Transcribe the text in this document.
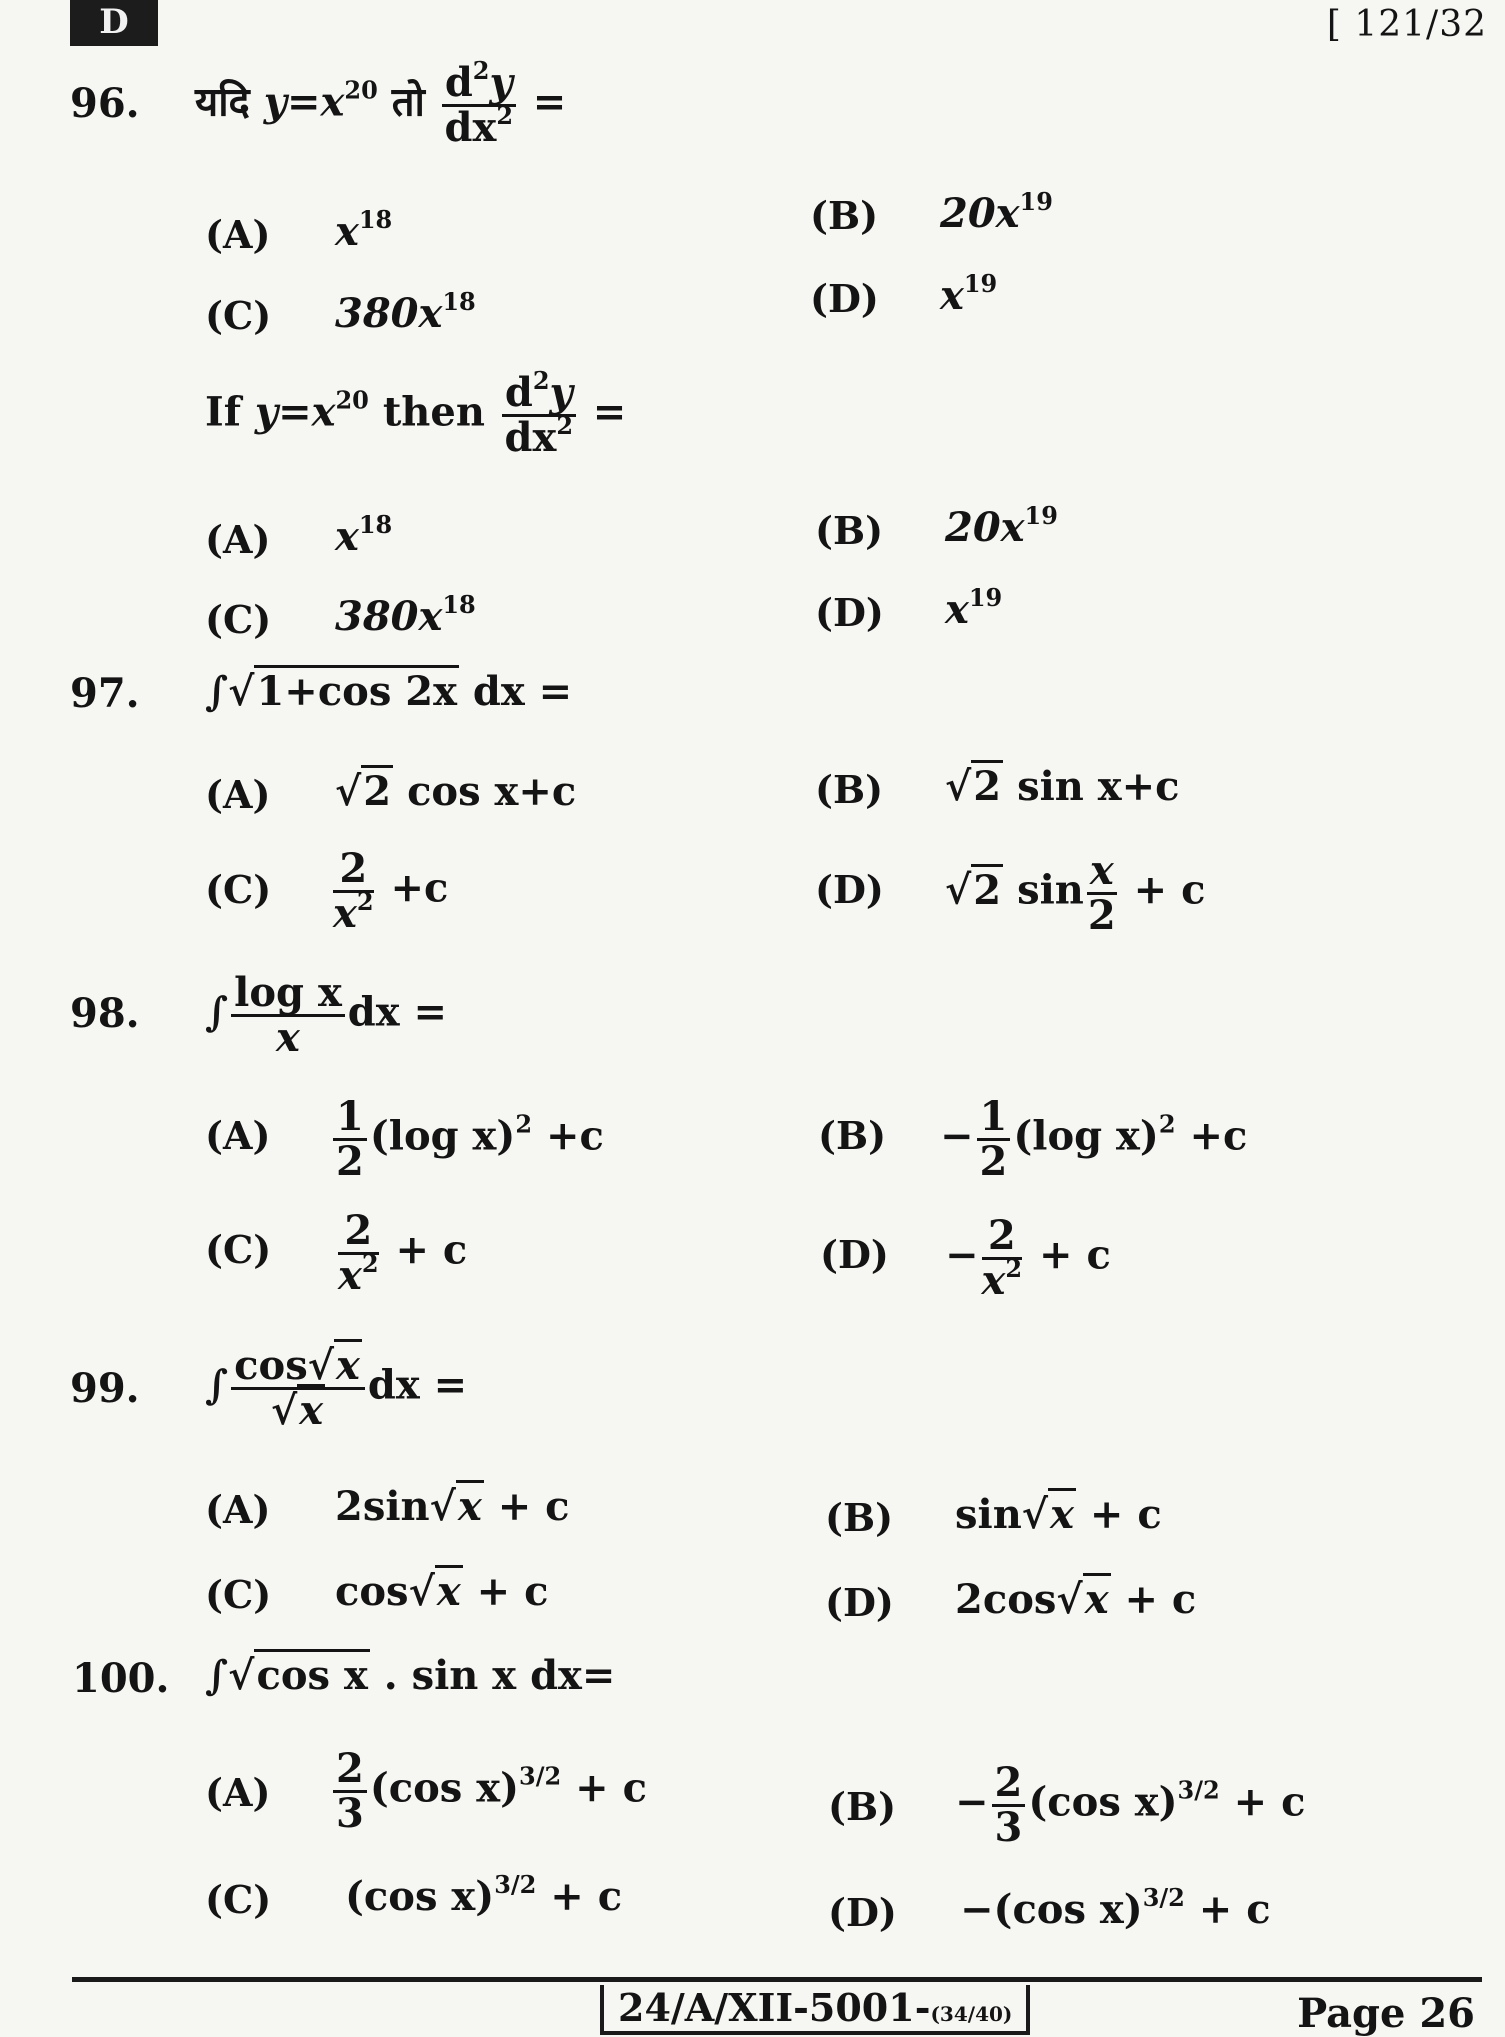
D	[ 121/32
96. यदि $y=x^{20}$ तो $\frac{d^2y}{dx^2}$ =
(A) $x^{18}$	(B) $20x^{19}$
(C) $380x^{18}$	(D) $x^{19}$
If $y=x^{20}$ then $\frac{d^2y}{dx^2}$ =
(A) $x^{18}$	(B) $20x^{19}$
(C) $380x^{18}$	(D) $x^{19}$
97. ∫√1+cos 2x dx =
(A) √2 cos x+c	(B) √2 sin x+c
$(C) \frac{2}{x^2} +c$	(D) √2 $\sin \frac{x}{2} + c$
98. ∫ $\frac{\text{log x}}{x}$ dx =
$(A) \frac{1}{2} (\log$ x)$^2$ +c	$(B) - \frac{1}{2} (\log$ x)$^2$ +c
$(C) \frac{2}{x^2} + c$	$(D) - \frac{2}{x^2} + c$
99. ∫ $\frac{\cos√x}{√x}$ dx =
(A) 2sin√x + c	(B) sin√x + c
(C) cos√x + c	(D) 2cos√x + c
100. ∫√cos x . sin x dx=
$(A) \frac{2}{3} (\cos$ x)$^{3/2}$ + c	$(B) - \frac{2}{3} (\cos$ x)$^{3/2}$ + c
(C) (cos x)$^{3/2}$ + c	(D) −(cos x)$^{3/2}$ + c
24/A/XII-5001-(34/40)	Page 26
